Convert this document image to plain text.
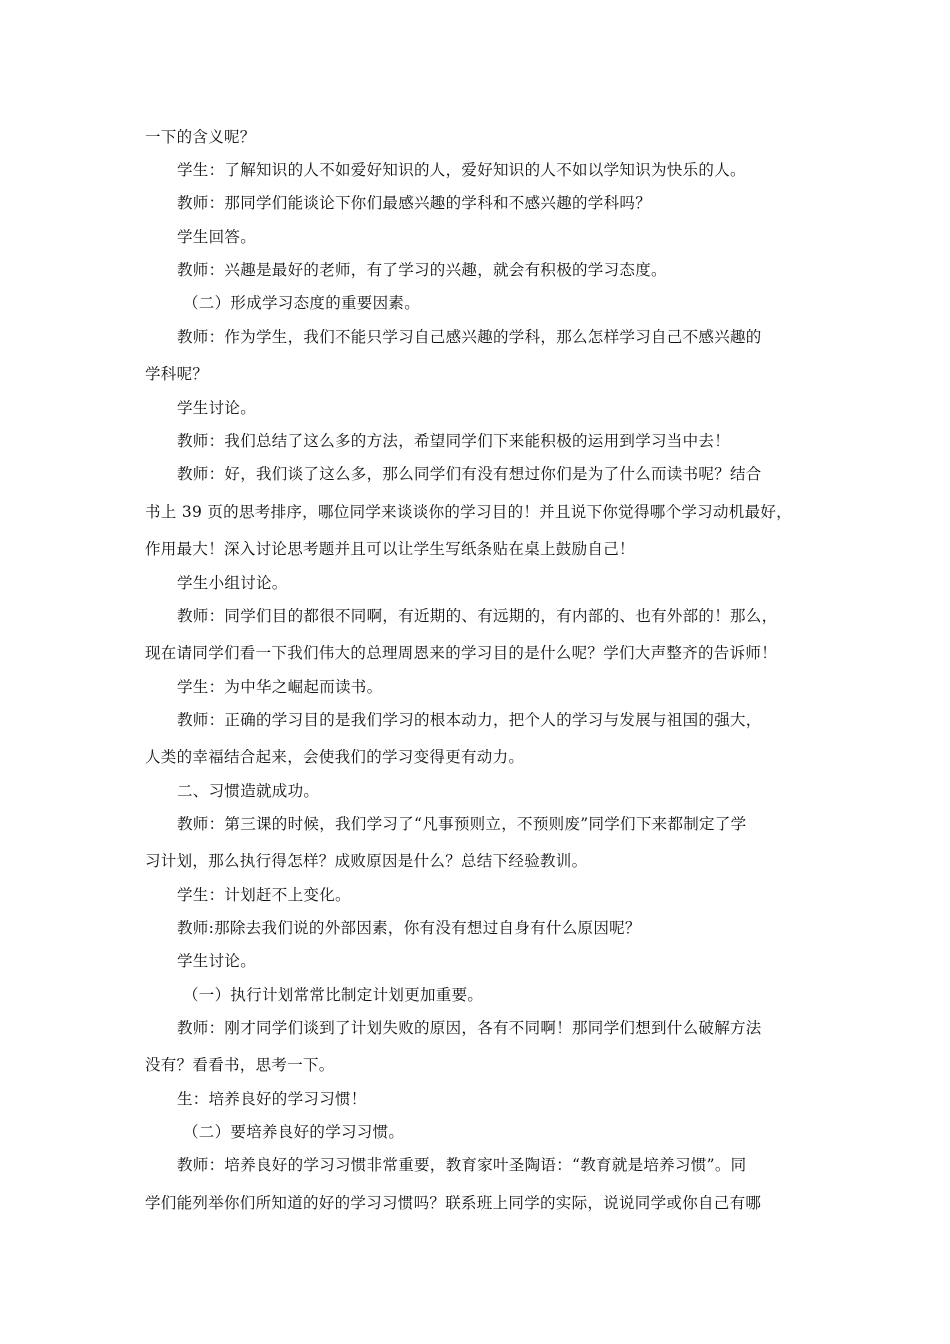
一下的含义呢？
学生：了解知识的人不如爱好知识的人，爱好知识的人不如以学知识为快乐的人。
教师：那同学们能谈论下你们最感兴趣的学科和不感兴趣的学科吗？
学生回答。
教师：兴趣是最好的老师，有了学习的兴趣，就会有积极的学习态度。
（二）形成学习态度的重要因素。
教师：作为学生，我们不能只学习自己感兴趣的学科，那么怎样学习自己不感兴趣的
学科呢？
学生讨论。
教师：我们总结了这么多的方法，希望同学们下来能积极的运用到学习当中去！
教师：好，我们谈了这么多，那么同学们有没有想过你们是为了什么而读书呢？结合
书上 39 页的思考排序，哪位同学来谈谈你的学习目的！并且说下你觉得哪个学习动机最好，
作用最大！深入讨论思考题并且可以让学生写纸条贴在桌上鼓励自己！
学生小组讨论。
教师：同学们目的都很不同啊，有近期的、有远期的，有内部的、也有外部的！那么，
现在请同学们看一下我们伟大的总理周恩来的学习目的是什么呢？学们大声整齐的告诉师！
学生：为中华之崛起而读书。
教师：正确的学习目的是我们学习的根本动力，把个人的学习与发展与祖国的强大，
人类的幸福结合起来，会使我们的学习变得更有动力。
二、习惯造就成功。
教师：第三课的时候，我们学习了“凡事预则立，不预则废”同学们下来都制定了学
习计划，那么执行得怎样？成败原因是什么？总结下经验教训。
学生：计划赶不上变化。
教师:那除去我们说的外部因素，你有没有想过自身有什么原因呢？
学生讨论。
（一）执行计划常常比制定计划更加重要。
教师：刚才同学们谈到了计划失败的原因，各有不同啊！那同学们想到什么破解方法
没有？看看书，思考一下。
生：培养良好的学习习惯！
（二）要培养良好的学习习惯。
教师：培养良好的学习习惯非常重要，教育家叶圣陶语：“教育就是培养习惯”。同
学们能列举你们所知道的好的学习习惯吗？联系班上同学的实际，说说同学或你自己有哪
